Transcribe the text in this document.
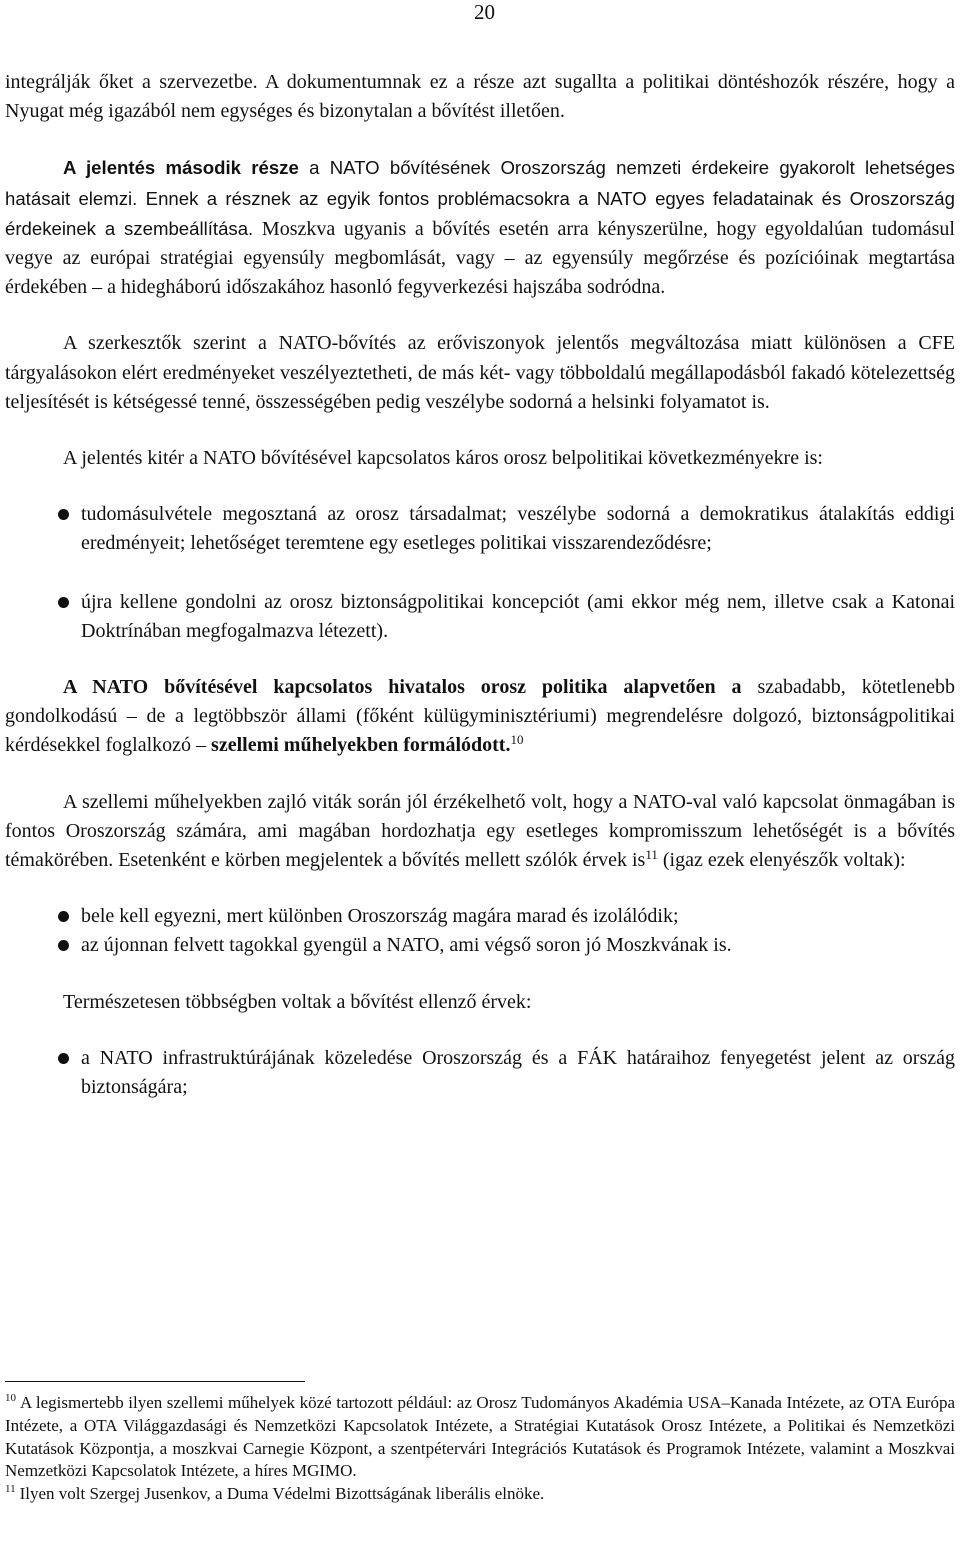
20

integrálják őket a szervezetbe. A dokumentumnak ez a része azt sugallta a politikai döntéshozók részére, hogy a Nyugat még igazából nem egységes és bizonytalan a bővítést illetően.

A jelentés második része a NATO bővítésének Oroszország nemzeti érdekeire gyakorolt lehetséges hatásait elemzi. Ennek a résznek az egyik fontos problémacsokra a NATO egyes feladatainak és Oroszország érdekeinek a szembeállítása. Moszkva ugyanis a bővítés esetén arra kényszerülne, hogy egyoldalúan tudomásul vegye az európai stratégiai egyensúly megbomlását, vagy – az egyensúly megőrzése és pozícióinak megtartása érdekében – a hidegháború időszakához hasonló fegyverkezési hajszába sodródna.

A szerkesztők szerint a NATO-bővítés az erőviszonyok jelentős megváltozása miatt különösen a CFE tárgyalásokon elért eredményeket veszélyeztetheti, de más két- vagy többoldalú megállapodásból fakadó kötelezettség teljesítését is kétségessé tenné, összességében pedig veszélybe sodorná a helsinki folyamatot is.

A jelentés kitér a NATO bővítésével kapcsolatos káros orosz belpolitikai következményekre is:

tudomásulvétele megosztaná az orosz társadalmat; veszélybe sodorná a demokratikus átalakítás eddigi eredményeit; lehetőséget teremtene egy esetleges politikai visszarendeződésre;
újra kellene gondolni az orosz biztonságpolitikai koncepciót (ami ekkor még nem, illetve csak a Katonai Doktrínában megfogalmazva létezett).

A NATO bővítésével kapcsolatos hivatalos orosz politika alapvetően a szabadabb, kötetlenebb gondolkodású – de a legtöbbször állami (főként külügyminisztériumi) megrendelésre dolgozó, biztonságpolitikai kérdésekkel foglalkozó – szellemi műhelyekben formálódott.$^{10}$

A szellemi műhelyekben zajló viták során jól érzékelhető volt, hogy a NATO-val való kapcsolat önmagában is fontos Oroszország számára, ami magában hordozhatja egy esetleges kompromisszum lehetőségét is a bővítés témakörében. Esetenként e körben megjelentek a bővítés mellett szólók érvek $is^{11}$ (igaz ezek elenyészők voltak):

bele kell egyezni, mert különben Oroszország magára marad és izolálódik;
az újonnan felvett tagokkal gyengül a NATO, ami végső soron jó Moszkvának is.

Természetesen többségben voltak a bővítést ellenző érvek:

a NATO infrastruktúrájának közeledése Oroszország és a FÁK határaihoz fenyegetést jelent az ország biztonságára;

$^{10}$ A legismertebb ilyen szellemi műhelyek közé tartozott például: az Orosz Tudományos Akadémia USA–Kanada Intézete, az OTA Európa Intézete, a OTA Világgazdasági és Nemzetközi Kapcsolatok Intézete, a Stratégiai Kutatások Orosz Intézete, a Politikai és Nemzetközi Kutatások Központja, a moszkvai Carnegie Központ, a szentpétervári Integrációs Kutatások és Programok Intézete, valamint a Moszkvai Nemzetközi Kapcsolatok Intézete, a híres MGIMO.

$^{11}$ Ilyen volt Szergej Jusenkov, a Duma Védelmi Bizottságának liberális elnöke.
